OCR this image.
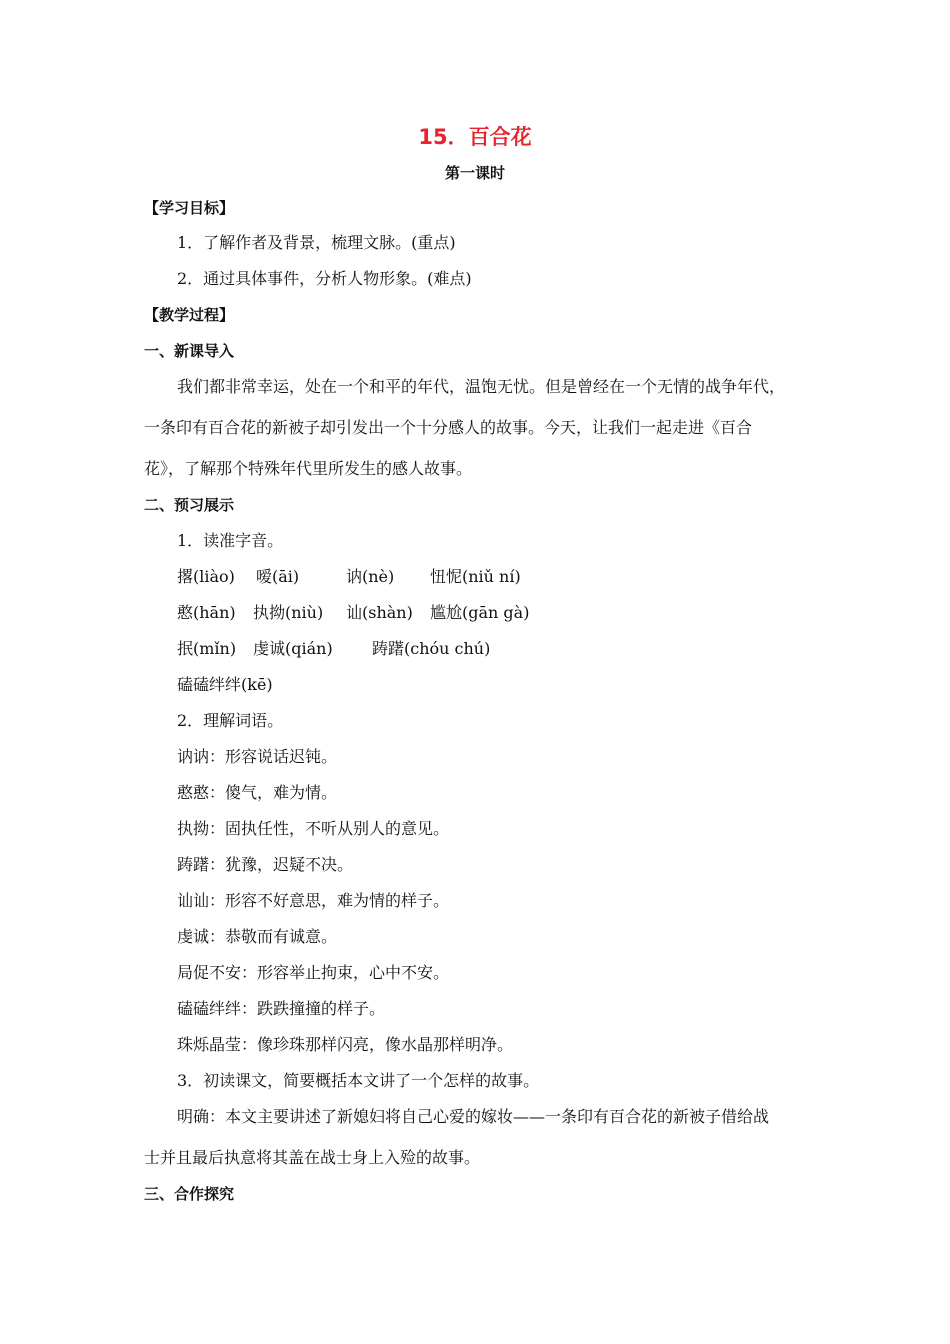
15．百合花
第一课时
【学习目标】
1．了解作者及背景，梳理文脉。(重点)
2．通过具体事件，分析人物形象。(难点)
【教学过程】
一、新课导入
我们都非常幸运，处在一个和平的年代，温饱无忧。但是曾经在一个无情的战争年代，
一条印有百合花的新被子却引发出一个十分感人的故事。今天，让我们一起走进《百合
花》，了解那个特殊年代里所发生的感人故事。
二、预习展示
1．读准字音。
撂(liào) 嗳(āi)	讷(nè) 忸怩(niǔ ní)
憨(hān) 执拗(niù) 讪(shàn) 尴尬(gān gà)
抿(mǐn) 虔诚(qián) 踌躇(chóu chú)
磕磕绊绊(kē)
2．理解词语。
讷讷：形容说话迟钝。
憨憨：傻气，难为情。
执拗：固执任性，不听从别人的意见。
踌躇：犹豫，迟疑不决。
讪讪：形容不好意思，难为情的样子。
虔诚：恭敬而有诚意。
局促不安：形容举止拘束，心中不安。
磕磕绊绊：跌跌撞撞的样子。
珠烁晶莹：像珍珠那样闪亮，像水晶那样明净。
3．初读课文，简要概括本文讲了一个怎样的故事。
明确：本文主要讲述了新媳妇将自己心爱的嫁妆——一条印有百合花的新被子借给战
士并且最后执意将其盖在战士身上入殓的故事。
三、合作探究
